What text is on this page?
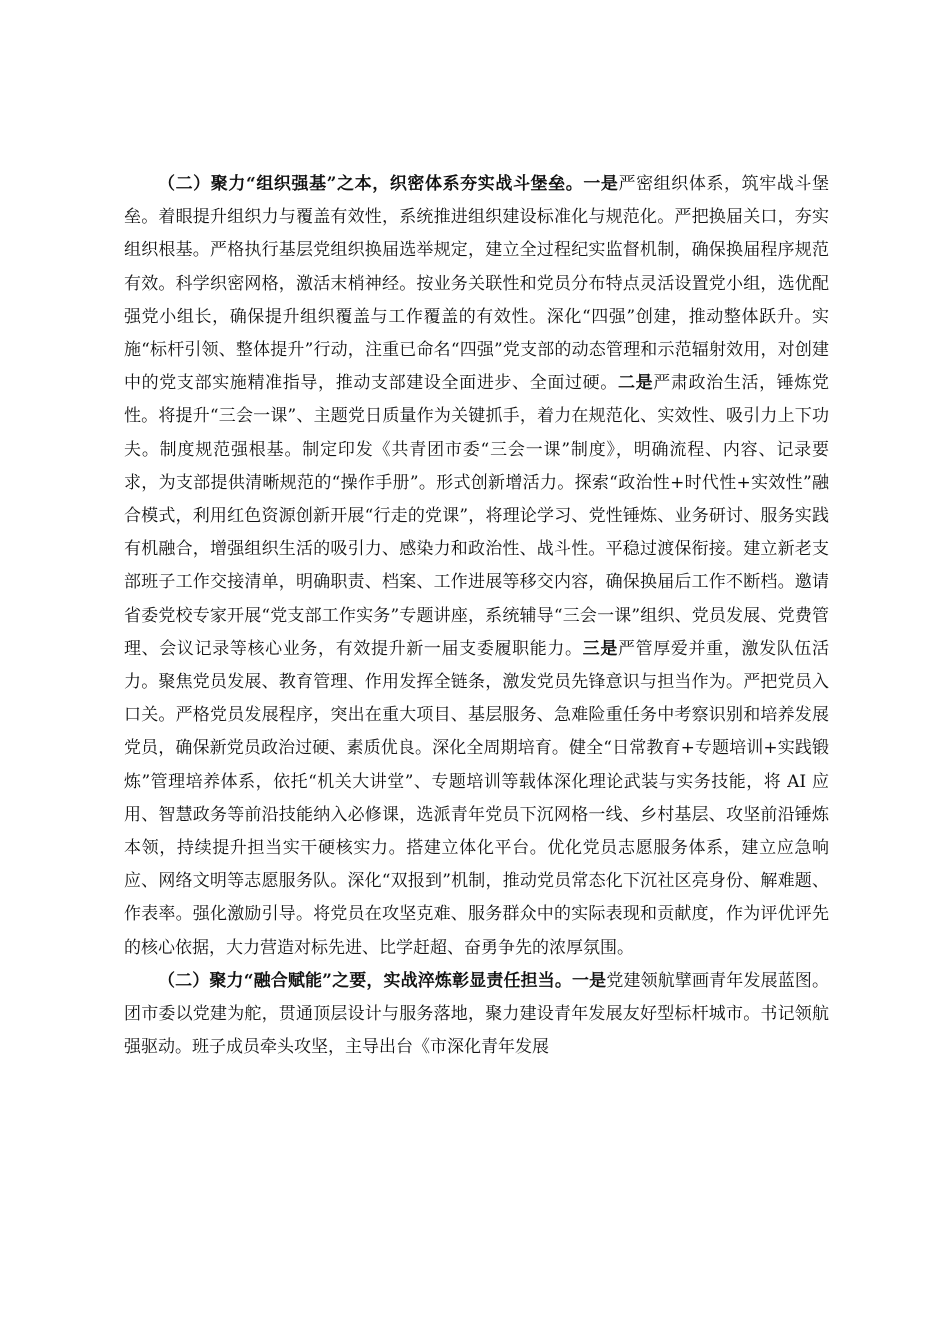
（二）聚力“组织强基”之本，织密体系夯实战斗堡垒。一是严密组织体系，筑牢战斗堡垒。着眼提升组织力与覆盖有效性，系统推进组织建设标准化与规范化。严把换届关口，夯实组织根基。严格执行基层党组织换届选举规定，建立全过程纪实监督机制，确保换届程序规范有效。科学织密网格，激活末梢神经。按业务关联性和党员分布特点灵活设置党小组，选优配强党小组长，确保提升组织覆盖与工作覆盖的有效性。深化“四强”创建，推动整体跃升。实施“标杆引领、整体提升”行动，注重已命名“四强”党支部的动态管理和示范辐射效用，对创建中的党支部实施精准指导，推动支部建设全面进步、全面过硬。二是严肃政治生活，锤炼党性。将提升“三会一课”、主题党日质量作为关键抓手，着力在规范化、实效性、吸引力上下功夫。制度规范强根基。制定印发《共青团市委“三会一课”制度》，明确流程、内容、记录要求，为支部提供清晰规范的“操作手册”。形式创新增活力。探索“政治性+时代性+实效性”融合模式，利用红色资源创新开展“行走的党课”，将理论学习、党性锤炼、业务研讨、服务实践有机融合，增强组织生活的吸引力、感染力和政治性、战斗性。平稳过渡保衔接。建立新老支部班子工作交接清单，明确职责、档案、工作进展等移交内容，确保换届后工作不断档。邀请省委党校专家开展“党支部工作实务”专题讲座，系统辅导“三会一课”组织、党员发展、党费管理、会议记录等核心业务，有效提升新一届支委履职能力。三是严管厚爱并重，激发队伍活力。聚焦党员发展、教育管理、作用发挥全链条，激发党员先锋意识与担当作为。严把党员入口关。严格党员发展程序，突出在重大项目、基层服务、急难险重任务中考察识别和培养发展党员，确保新党员政治过硬、素质优良。深化全周期培育。健全“日常教育+专题培训+实践锻炼”管理培养体系，依托“机关大讲堂”、专题培训等载体深化理论武装与实务技能，将 AI 应用、智慧政务等前沿技能纳入必修课，选派青年党员下沉网格一线、乡村基层、攻坚前沿锤炼本领，持续提升担当实干硬核实力。搭建立体化平台。优化党员志愿服务体系，建立应急响应、网络文明等志愿服务队。深化“双报到”机制，推动党员常态化下沉社区亮身份、解难题、作表率。强化激励引导。将党员在攻坚克难、服务群众中的实际表现和贡献度，作为评优评先的核心依据，大力营造对标先进、比学赶超、奋勇争先的浓厚氛围。

（二）聚力“融合赋能”之要，实战淬炼彰显责任担当。一是党建领航擘画青年发展蓝图。团市委以党建为舵，贯通顶层设计与服务落地，聚力建设青年发展友好型标杆城市。书记领航强驱动。班子成员牵头攻坚，主导出台《市深化青年发展
